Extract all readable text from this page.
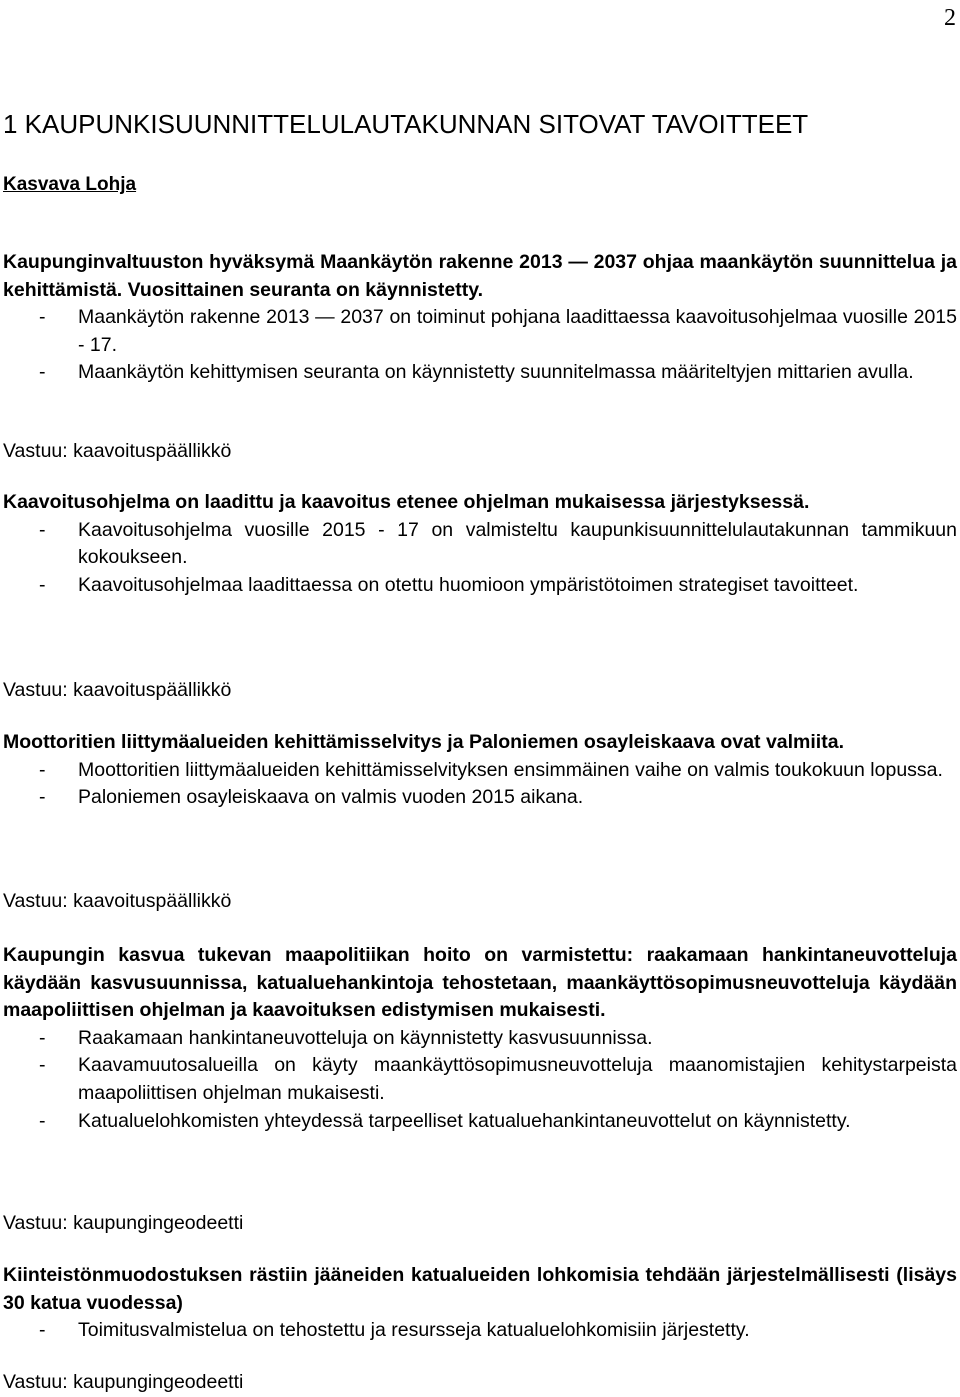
2
1 KAUPUNKISUUNNITTELULAUTAKUNNAN SITOVAT TAVOITTEET
Kasvava Lohja

Kaupunginvaltuuston hyväksymä Maankäytön rakenne 2013 — 2037 ohjaa maankäytön suunnittelua ja kehittämistä. Vuosittainen seuranta on käynnistetty.

- Maankäytön rakenne 2013 — 2037 on toiminut pohjana laadittaessa kaavoitusohjelmaa vuosille 2015 - 17.
- Maankäytön kehittymisen seuranta on käynnistetty suunnitelmassa määriteltyjen mittarien avulla.

Vastuu: kaavoituspäällikkö

Kaavoitusohjelma on laadittu ja kaavoitus etenee ohjelman mukaisessa järjestyksessä.

- Kaavoitusohjelma vuosille 2015 - 17 on valmisteltu kaupunkisuunnittelulautakunnan tammikuun kokoukseen.
- Kaavoitusohjelmaa laadittaessa on otettu huomioon ympäristötoimen strategiset tavoitteet.

Vastuu: kaavoituspäällikkö

Moottoritien liittymäalueiden kehittämisselvitys ja Paloniemen osayleiskaava ovat valmiita.

- Moottoritien liittymäalueiden kehittämisselvityksen ensimmäinen vaihe on valmis toukokuun lopussa.
- Paloniemen osayleiskaava on valmis vuoden 2015 aikana.

Vastuu: kaavoituspäällikkö

Kaupungin kasvua tukevan maapolitiikan hoito on varmistettu: raakamaan hankintaneuvotteluja käydään kasvusuunnissa, katualuehankintoja tehostetaan, maankäyttösopimusneuvotteluja käydään maapoliittisen ohjelman ja kaavoituksen edistymisen mukaisesti.

- Raakamaan hankintaneuvotteluja on käynnistetty kasvusuunnissa.
- Kaavamuutosalueilla on käyty maankäyttösopimusneuvotteluja maanomistajien kehitystarpeista maapoliittisen ohjelman mukaisesti.
- Katualuelohkomisten yhteydessä tarpeelliset katualuehankintaneuvottelut on käynnistetty.

Vastuu: kaupungingeodeetti

Kiinteistönmuodostuksen rästiin jääneiden katualueiden lohkomisia tehdään järjestelmällisesti (lisäys 30 katua vuodessa)

- Toimitusvalmistelua on tehostettu ja resursseja katualuelohkomisiin järjestetty.

Vastuu: kaupungingeodeetti
